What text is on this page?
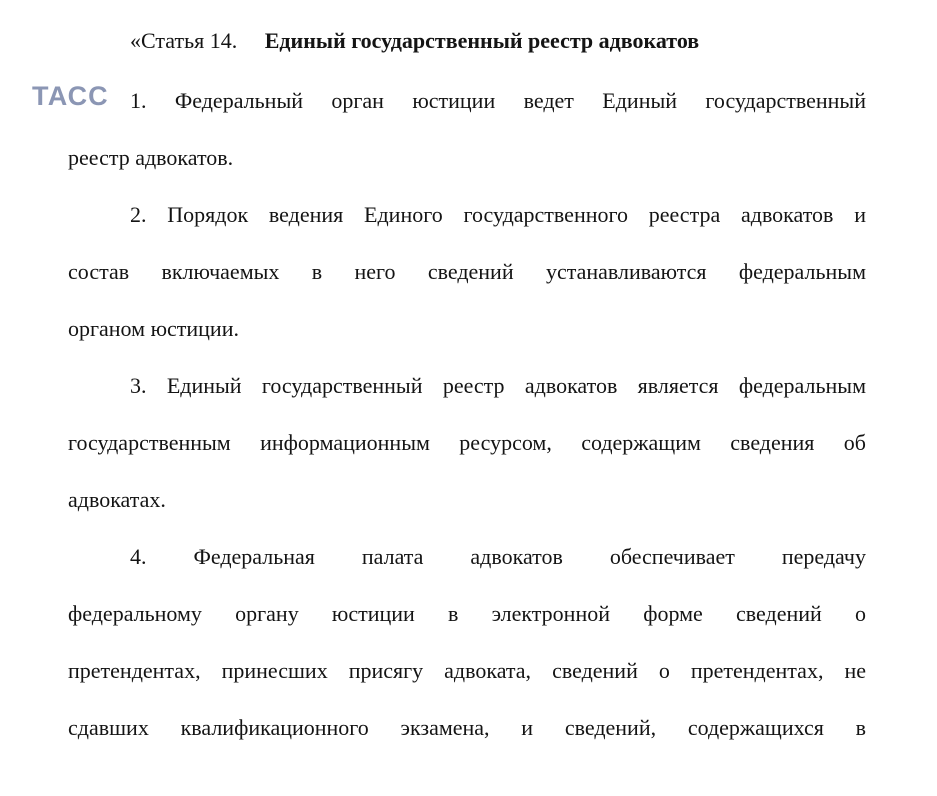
ТАСС
«Статья 14. Единый государственный реестр адвокатов
1. Федеральный орган юстиции ведет Единый государственный
реестр адвокатов.
2. Порядок ведения Единого государственного реестра адвокатов и
состав включаемых в него сведений устанавливаются федеральным
органом юстиции.
3. Единый государственный реестр адвокатов является федеральным
государственным информационным ресурсом, содержащим сведения об
адвокатах.
4. Федеральная палата адвокатов обеспечивает передачу
федеральному органу юстиции в электронной форме сведений о
претендентах, принесших присягу адвоката, сведений о претендентах, не
сдавших квалификационного экзамена, и сведений, содержащихся в
